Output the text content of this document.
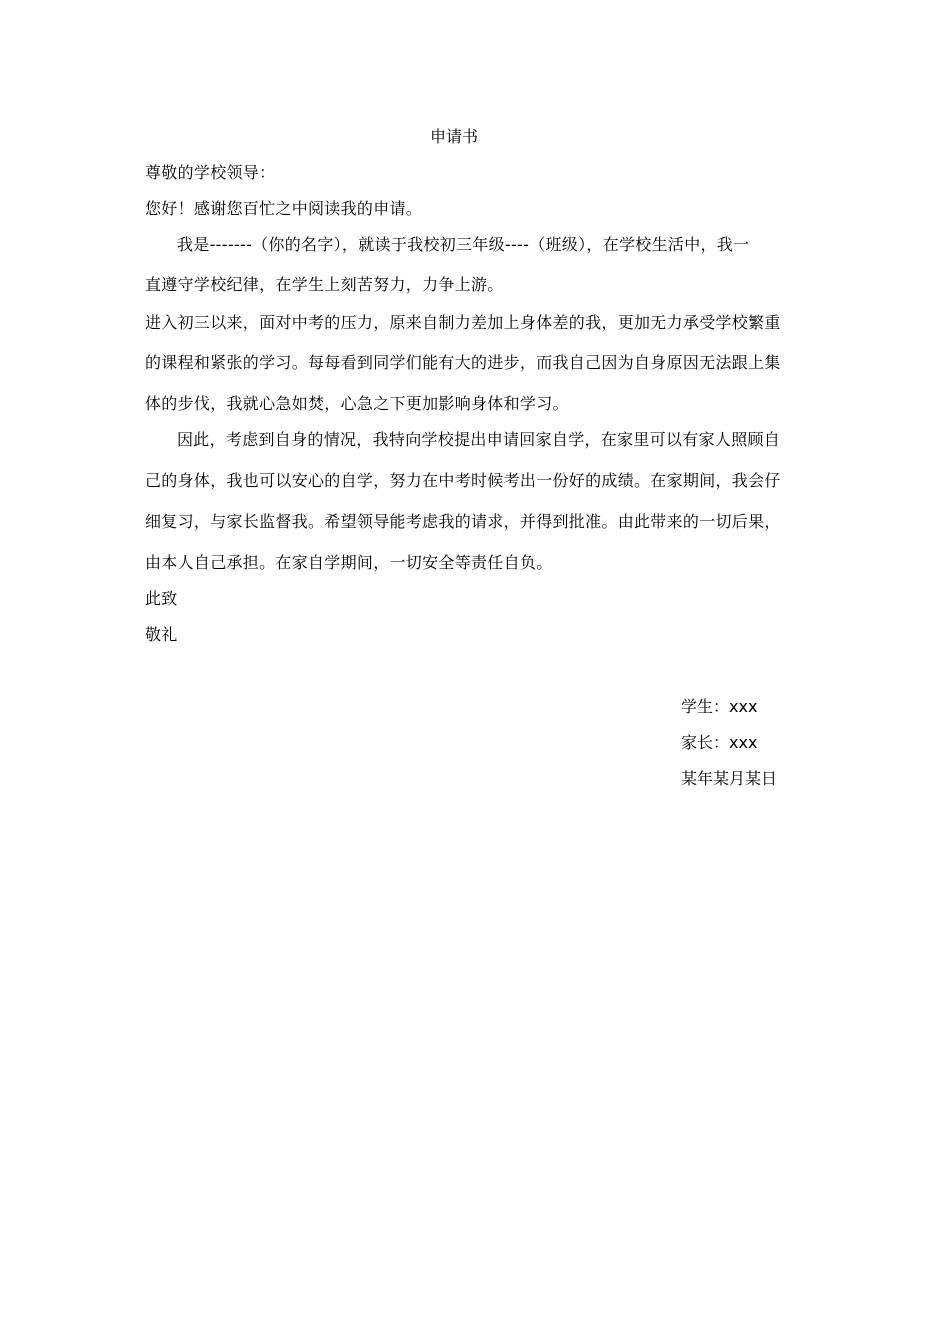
申请书
尊敬的学校领导：
您好！感谢您百忙之中阅读我的申请。
我是-------（你的名字），就读于我校初三年级----（班级），在学校生活中，我一
直遵守学校纪律，在学生上刻苦努力，力争上游。
进入初三以来，面对中考的压力，原来自制力差加上身体差的我，更加无力承受学校繁重
的课程和紧张的学习。每每看到同学们能有大的进步，而我自己因为自身原因无法跟上集
体的步伐，我就心急如焚，心急之下更加影响身体和学习。
因此，考虑到自身的情况，我特向学校提出申请回家自学，在家里可以有家人照顾自
己的身体，我也可以安心的自学，努力在中考时候考出一份好的成绩。在家期间，我会仔
细复习，与家长监督我。希望领导能考虑我的请求，并得到批准。由此带来的一切后果，
由本人自己承担。在家自学期间，一切安全等责任自负。
此致
敬礼
学生：xxx
家长：xxx
某年某月某日
